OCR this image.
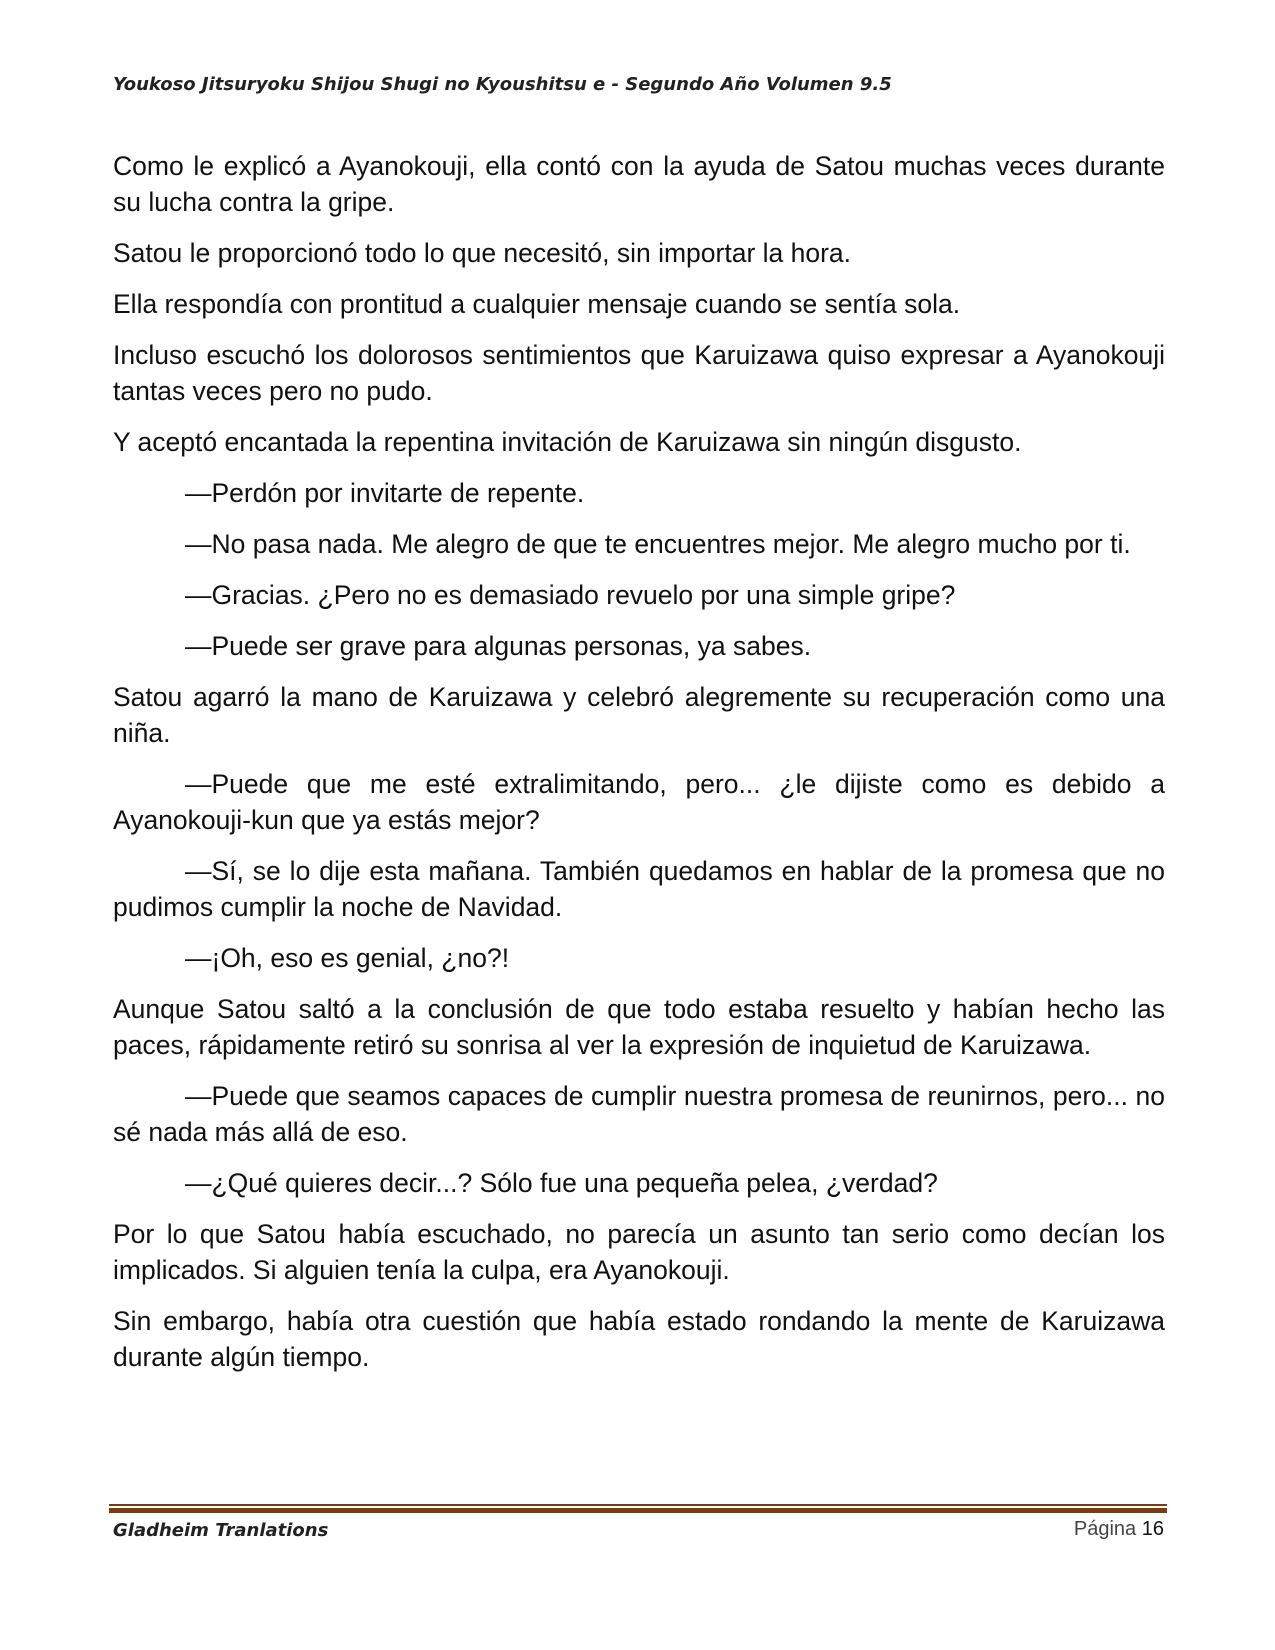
Youkoso Jitsuryoku Shijou Shugi no Kyoushitsu e - Segundo Año Volumen 9.5

Como le explicó a Ayanokouji, ella contó con la ayuda de Satou muchas veces durante su lucha contra la gripe.

Satou le proporcionó todo lo que necesitó, sin importar la hora.

Ella respondía con prontitud a cualquier mensaje cuando se sentía sola.

Incluso escuchó los dolorosos sentimientos que Karuizawa quiso expresar a Ayanokouji tantas veces pero no pudo.

Y aceptó encantada la repentina invitación de Karuizawa sin ningún disgusto.

—Perdón por invitarte de repente.

—No pasa nada. Me alegro de que te encuentres mejor. Me alegro mucho por ti.

—Gracias. ¿Pero no es demasiado revuelo por una simple gripe?

—Puede ser grave para algunas personas, ya sabes.

Satou agarró la mano de Karuizawa y celebró alegremente su recuperación como una niña.

—Puede que me esté extralimitando, pero... ¿le dijiste como es debido a Ayanokouji-kun que ya estás mejor?

—Sí, se lo dije esta mañana. También quedamos en hablar de la promesa que no pudimos cumplir la noche de Navidad.

—¡Oh, eso es genial, ¿no?!

Aunque Satou saltó a la conclusión de que todo estaba resuelto y habían hecho las paces, rápidamente retiró su sonrisa al ver la expresión de inquietud de Karuizawa.

—Puede que seamos capaces de cumplir nuestra promesa de reunirnos, pero... no sé nada más allá de eso.

—¿Qué quieres decir...? Sólo fue una pequeña pelea, ¿verdad?

Por lo que Satou había escuchado, no parecía un asunto tan serio como decían los implicados. Si alguien tenía la culpa, era Ayanokouji.

Sin embargo, había otra cuestión que había estado rondando la mente de Karuizawa durante algún tiempo.

Gladheim Tranlations	Página 16
